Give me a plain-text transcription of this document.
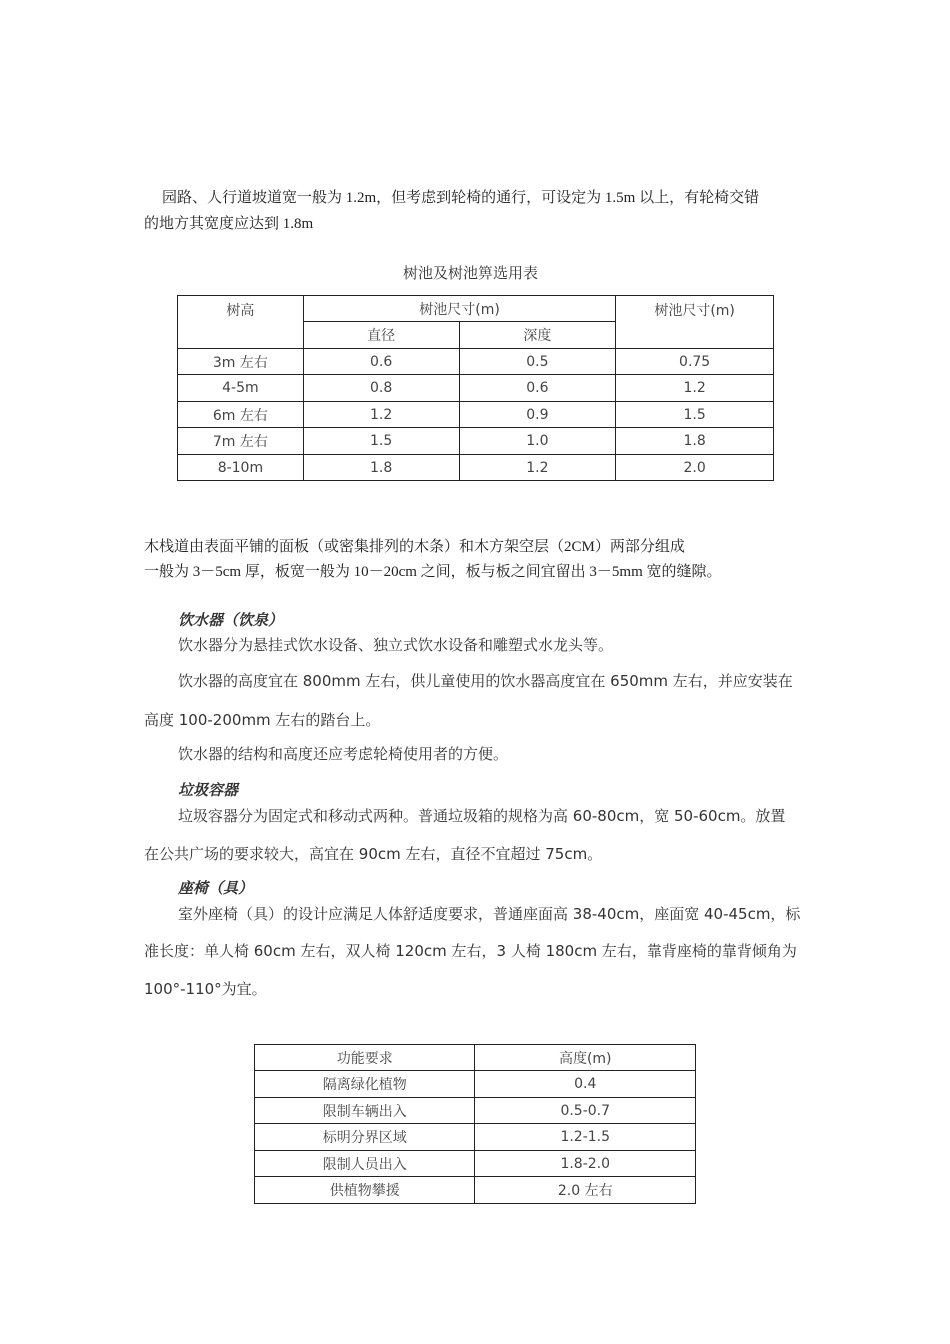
园路、人行道坡道宽一般为 1.2m，但考虑到轮椅的通行，可设定为 1.5m 以上，有轮椅交错
的地方其宽度应达到 1.8m
树池及树池箅选用表
树高	树池尺寸(m)		树池尺寸(m)
	直径	深度	
3m 左右	0.6	0.5	0.75
4-5m	0.8	0.6	1.2
6m 左右	1.2	0.9	1.5
7m 左右	1.5	1.0	1.8
8-10m	1.8	1.2	2.0
木栈道由表面平铺的面板（或密集排列的木条）和木方架空层（2CM）两部分组成
一般为 3－5cm 厚，板宽一般为 10－20cm 之间，板与板之间宜留出 3－5mm 宽的缝隙。
饮水器（饮泉）
饮水器分为悬挂式饮水设备、独立式饮水设备和雕塑式水龙头等。
饮水器的高度宜在 800mm 左右，供儿童使用的饮水器高度宜在 650mm 左右，并应安装在
高度 100-200mm 左右的踏台上。
饮水器的结构和高度还应考虑轮椅使用者的方便。
垃圾容器
垃圾容器分为固定式和移动式两种。普通垃圾箱的规格为高 60-80cm，宽 50-60cm。放置
在公共广场的要求较大，高宜在 90cm 左右，直径不宜超过 75cm。
座椅（具）
室外座椅（具）的设计应满足人体舒适度要求，普通座面高 38-40cm，座面宽 40-45cm，标
准长度：单人椅 60cm 左右，双人椅 120cm 左右，3 人椅 180cm 左右，靠背座椅的靠背倾角为
100°-110°为宜。
功能要求	高度(m)
隔离绿化植物	0.4
限制车辆出入	0.5-0.7
标明分界区域	1.2-1.5
限制人员出入	1.8-2.0
供植物攀援	2.0 左右
